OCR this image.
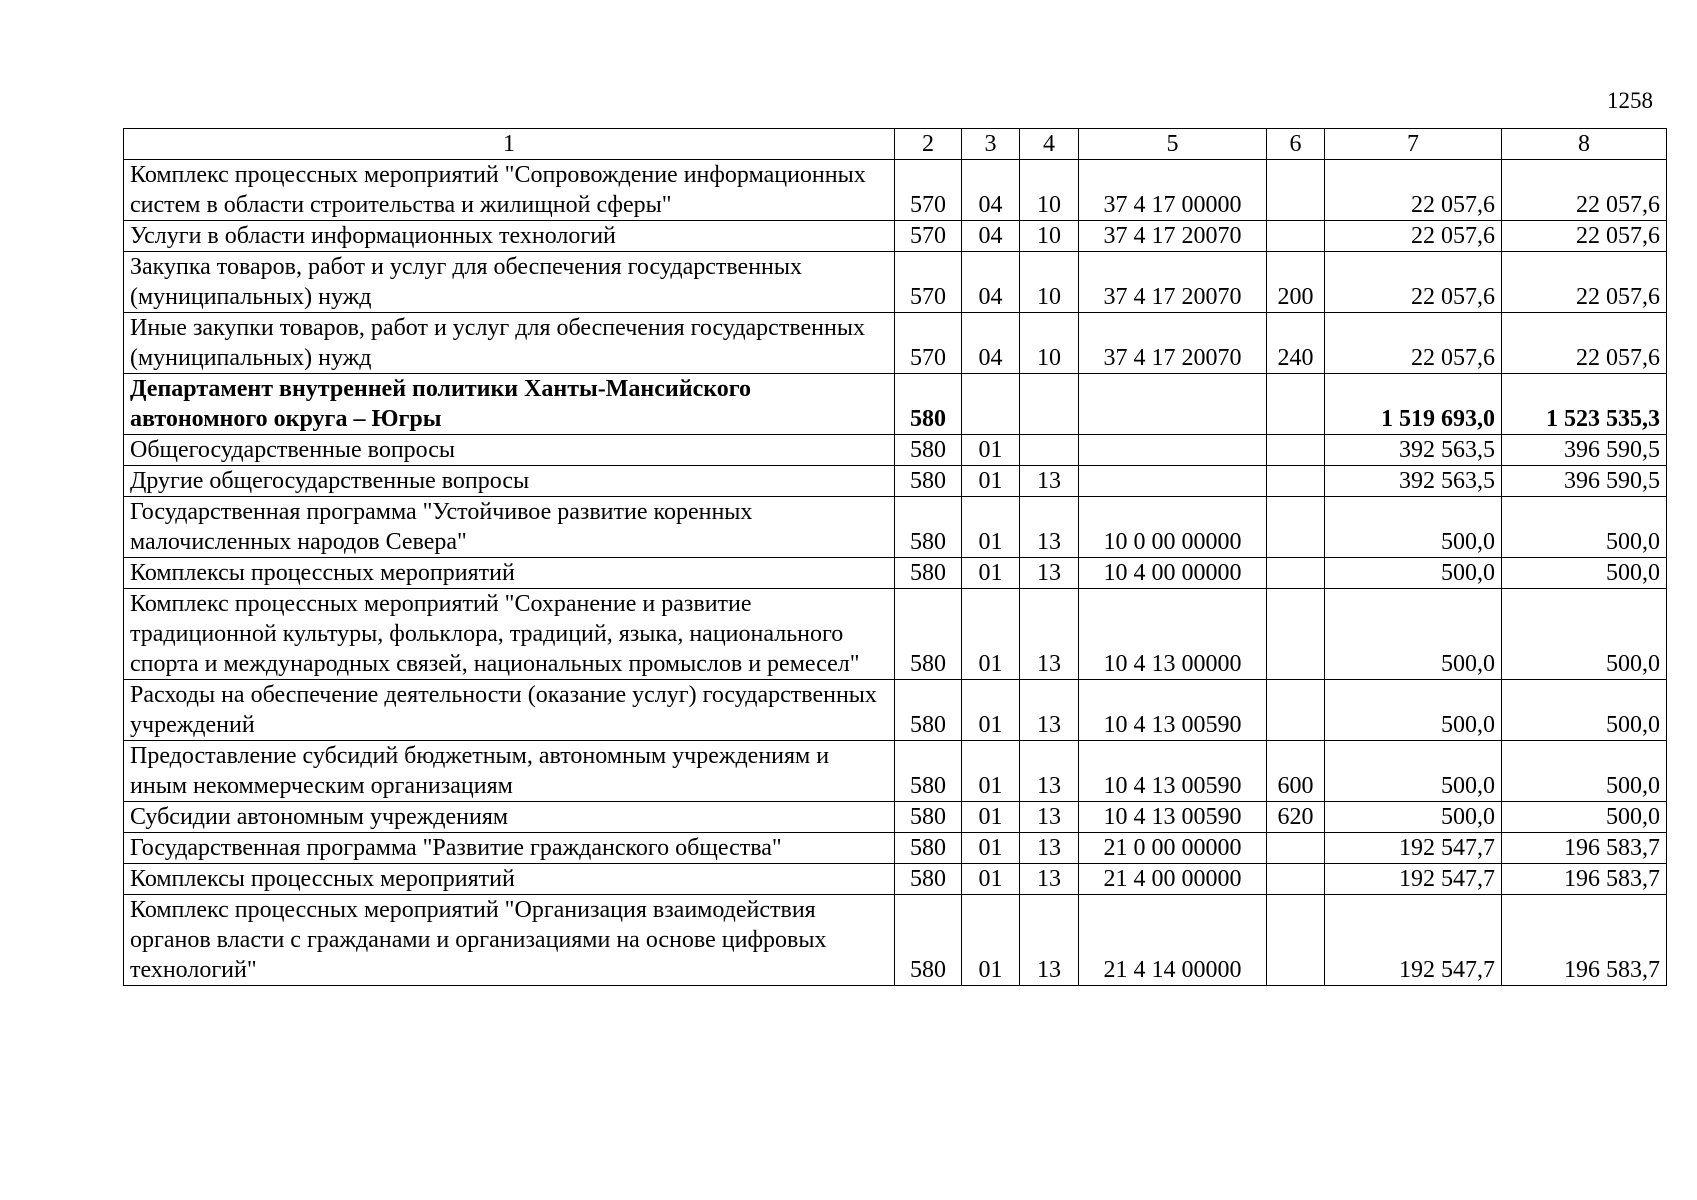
1258
1	2	3	4	5	6	7	8
Комплекс процессных мероприятий "Сопровождение информационных систем в области строительства и жилищной сферы"	570	04	10	37 4 17 00000		22 057,6	22 057,6
Услуги в области информационных технологий	570	04	10	37 4 17 20070		22 057,6	22 057,6
Закупка товаров, работ и услуг для обеспечения государственных (муниципальных) нужд	570	04	10	37 4 17 20070	200	22 057,6	22 057,6
Иные закупки товаров, работ и услуг для обеспечения государственных (муниципальных) нужд	570	04	10	37 4 17 20070	240	22 057,6	22 057,6
Департамент внутренней политики Ханты-Мансийского автономного округа – Югры	580					1 519 693,0	1 523 535,3
Общегосударственные вопросы	580	01				392 563,5	396 590,5
Другие общегосударственные вопросы	580	01	13			392 563,5	396 590,5
Государственная программа "Устойчивое развитие коренных малочисленных народов Севера"	580	01	13	10 0 00 00000		500,0	500,0
Комплексы процессных мероприятий	580	01	13	10 4 00 00000		500,0	500,0
Комплекс процессных мероприятий "Сохранение и развитие традиционной культуры, фольклора, традиций, языка, национального спорта и международных связей, национальных промыслов и ремесел"	580	01	13	10 4 13 00000		500,0	500,0
Расходы на обеспечение деятельности (оказание услуг) государственных учреждений	580	01	13	10 4 13 00590		500,0	500,0
Предоставление субсидий бюджетным, автономным учреждениям и иным некоммерческим организациям	580	01	13	10 4 13 00590	600	500,0	500,0
Субсидии автономным учреждениям	580	01	13	10 4 13 00590	620	500,0	500,0
Государственная программа "Развитие гражданского общества"	580	01	13	21 0 00 00000		192 547,7	196 583,7
Комплексы процессных мероприятий	580	01	13	21 4 00 00000		192 547,7	196 583,7
Комплекс процессных мероприятий "Организация взаимодействия органов власти с гражданами и организациями на основе цифровых технологий"	580	01	13	21 4 14 00000		192 547,7	196 583,7
